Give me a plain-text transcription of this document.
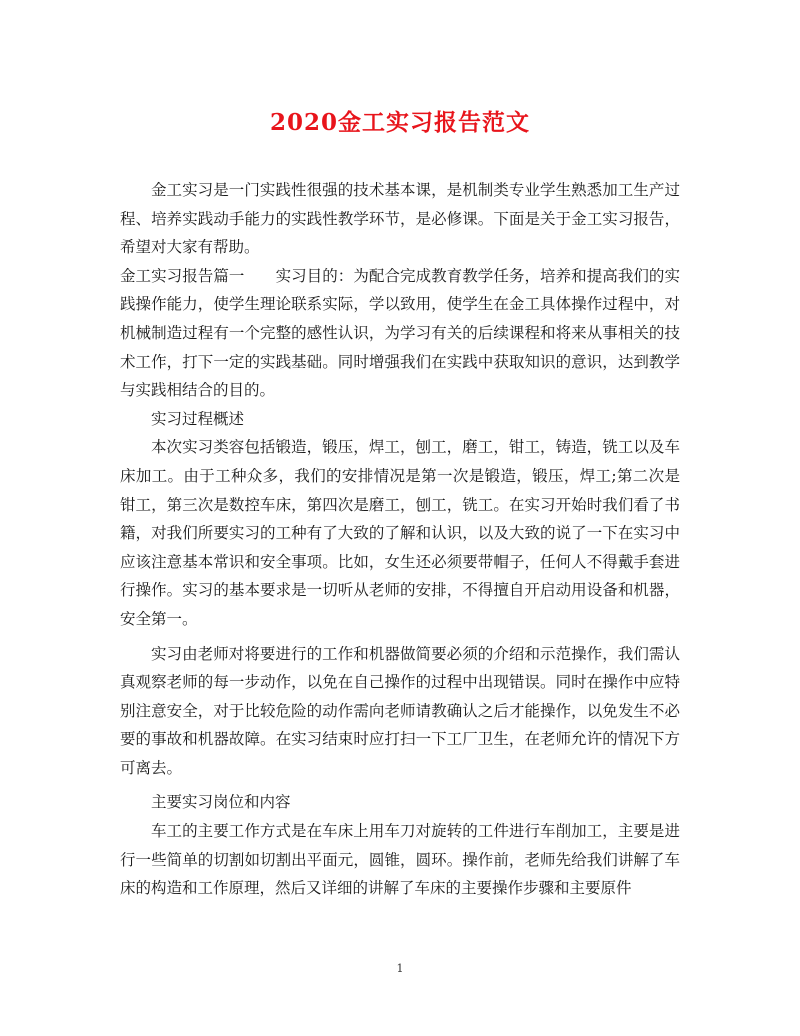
2020金工实习报告范文

金工实习是一门实践性很强的技术基本课，是机制类专业学生熟悉加工生产过程、培养实践动手能力的实践性教学环节，是必修课。下面是关于金工实习报告，希望对大家有帮助。

金工实习报告篇一　　实习目的：为配合完成教育教学任务，培养和提高我们的实践操作能力，使学生理论联系实际，学以致用，使学生在金工具体操作过程中，对机械制造过程有一个完整的感性认识，为学习有关的后续课程和将来从事相关的技术工作，打下一定的实践基础。同时增强我们在实践中获取知识的意识，达到教学与实践相结合的目的。

实习过程概述

本次实习类容包括锻造，锻压，焊工，刨工，磨工，钳工，铸造，铣工以及车床加工。由于工种众多，我们的安排情况是第一次是锻造，锻压，焊工;第二次是钳工，第三次是数控车床，第四次是磨工，刨工，铣工。在实习开始时我们看了书籍，对我们所要实习的工种有了大致的了解和认识，以及大致的说了一下在实习中应该注意基本常识和安全事项。比如，女生还必须要带帽子，任何人不得戴手套进行操作。实习的基本要求是一切听从老师的安排，不得擅自开启动用设备和机器，安全第一。

实习由老师对将要进行的工作和机器做简要必须的介绍和示范操作，我们需认真观察老师的每一步动作，以免在自己操作的过程中出现错误。同时在操作中应特别注意安全，对于比较危险的动作需向老师请教确认之后才能操作，以免发生不必要的事故和机器故障。在实习结束时应打扫一下工厂卫生，在老师允许的情况下方可离去。

主要实习岗位和内容

车工的主要工作方式是在车床上用车刀对旋转的工件进行车削加工，主要是进行一些简单的切割如切割出平面元，圆锥，圆环。操作前，老师先给我们讲解了车床的构造和工作原理，然后又详细的讲解了车床的主要操作步骤和主要原件

1
